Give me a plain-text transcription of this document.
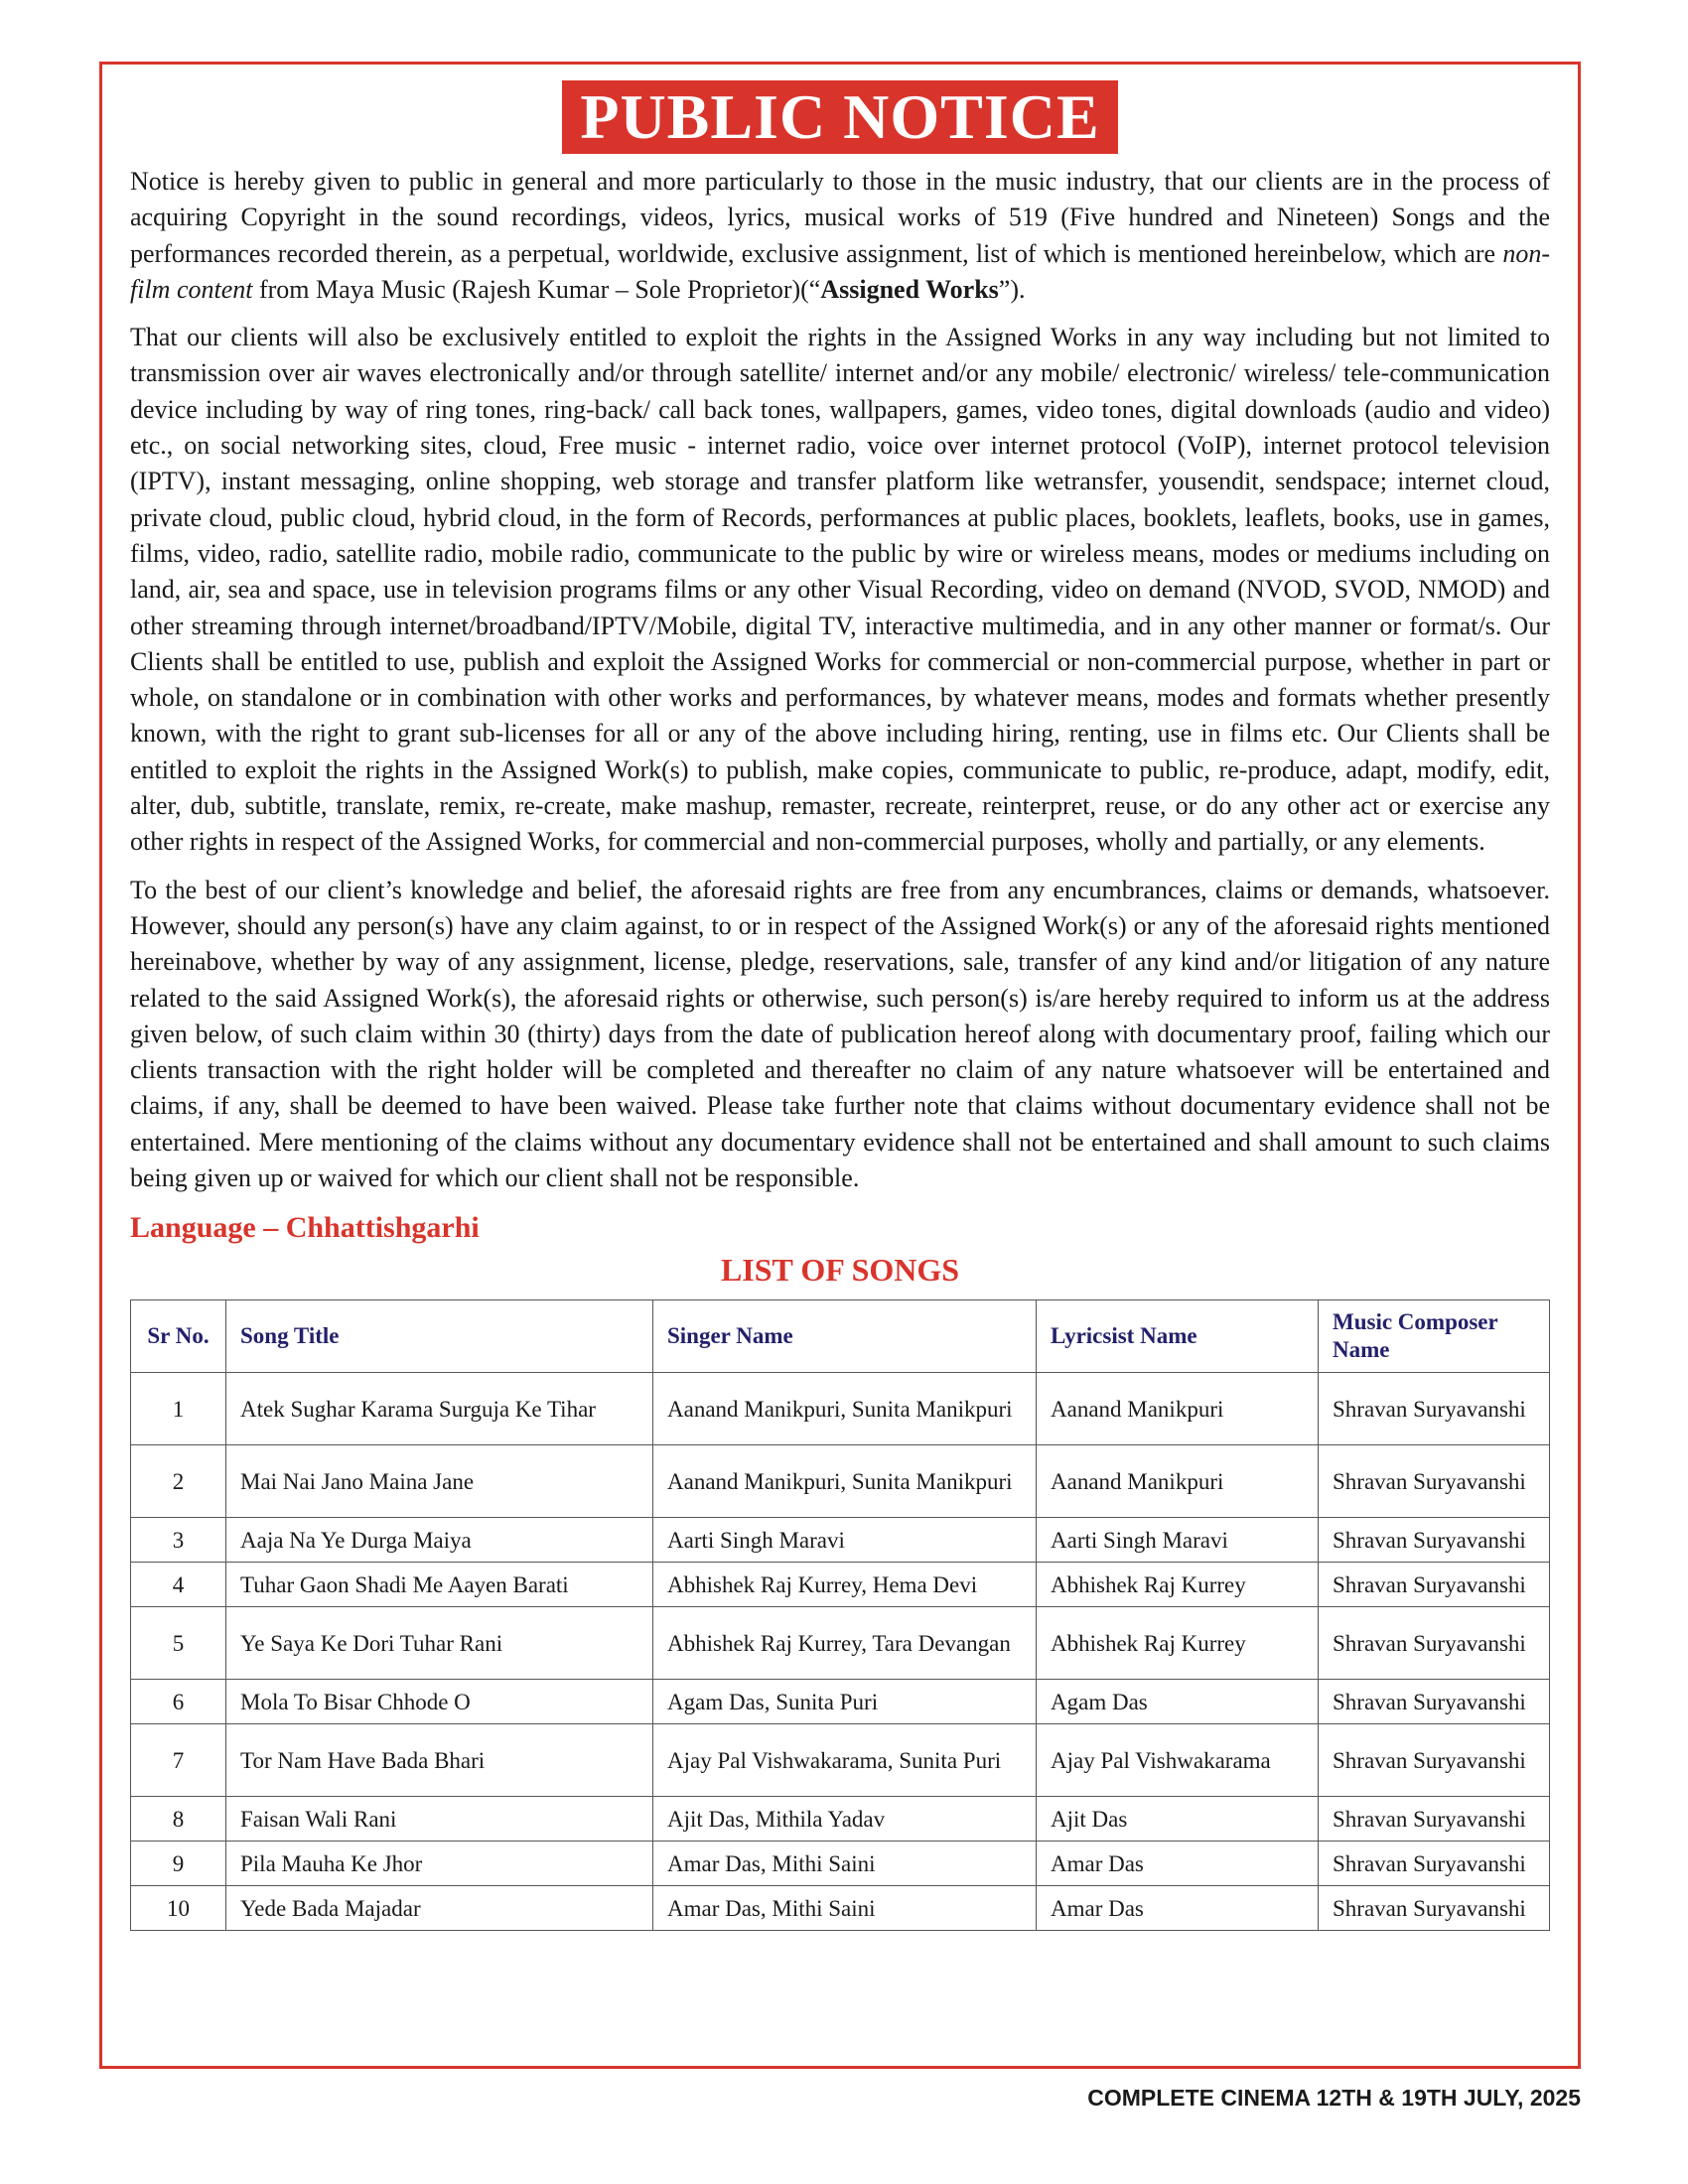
PUBLIC NOTICE

Notice is hereby given to public in general and more particularly to those in the music industry, that our clients are in the process of acquiring Copyright in the sound recordings, videos, lyrics, musical works of 519 (Five hundred and Nineteen) Songs and the performances recorded therein, as a perpetual, worldwide, exclusive assignment, list of which is mentioned hereinbelow, which are non-film content from Maya Music (Rajesh Kumar – Sole Proprietor)(“Assigned Works”).

That our clients will also be exclusively entitled to exploit the rights in the Assigned Works in any way including but not limited to transmission over air waves electronically and/or through satellite/ internet and/or any mobile/ electronic/ wireless/ tele-communication device including by way of ring tones, ring-back/ call back tones, wallpapers, games, video tones, digital downloads (audio and video) etc., on social networking sites, cloud, Free music - internet radio, voice over internet protocol (VoIP), internet protocol television (IPTV), instant messaging, online shopping, web storage and transfer platform like wetransfer, yousendit, sendspace; internet cloud, private cloud, public cloud, hybrid cloud, in the form of Records, performances at public places, booklets, leaflets, books, use in games, films, video, radio, satellite radio, mobile radio, communicate to the public by wire or wireless means, modes or mediums including on land, air, sea and space, use in television programs films or any other Visual Recording, video on demand (NVOD, SVOD, NMOD) and other streaming through internet/broadband/IPTV/Mobile, digital TV, interactive multimedia, and in any other manner or format/s. Our Clients shall be entitled to use, publish and exploit the Assigned Works for commercial or non-commercial purpose, whether in part or whole, on standalone or in combination with other works and performances, by whatever means, modes and formats whether presently known, with the right to grant sub-licenses for all or any of the above including hiring, renting, use in films etc. Our Clients shall be entitled to exploit the rights in the Assigned Work(s) to publish, make copies, communicate to public, re-produce, adapt, modify, edit, alter, dub, subtitle, translate, remix, re-create, make mashup, remaster, recreate, reinterpret, reuse, or do any other act or exercise any other rights in respect of the Assigned Works, for commercial and non-commercial purposes, wholly and partially, or any elements.

To the best of our client’s knowledge and belief, the aforesaid rights are free from any encumbrances, claims or demands, whatsoever. However, should any person(s) have any claim against, to or in respect of the Assigned Work(s) or any of the aforesaid rights mentioned hereinabove, whether by way of any assignment, license, pledge, reservations, sale, transfer of any kind and/or litigation of any nature related to the said Assigned Work(s), the aforesaid rights or otherwise, such person(s) is/are hereby required to inform us at the address given below, of such claim within 30 (thirty) days from the date of publication hereof along with documentary proof, failing which our clients transaction with the right holder will be completed and thereafter no claim of any nature whatsoever will be entertained and claims, if any, shall be deemed to have been waived. Please take further note that claims without documentary evidence shall not be entertained. Mere mentioning of the claims without any documentary evidence shall not be entertained and shall amount to such claims being given up or waived for which our client shall not be responsible.

Language – Chhattishgarhi
LIST OF SONGS
Sr No.	Song Title	Singer Name	Lyricsist Name	Music Composer Name
1	Atek Sughar Karama Surguja Ke Tihar	Aanand Manikpuri, Sunita Manikpuri	Aanand Manikpuri	Shravan Suryavanshi
2	Mai Nai Jano Maina Jane	Aanand Manikpuri, Sunita Manikpuri	Aanand Manikpuri	Shravan Suryavanshi
3	Aaja Na Ye Durga Maiya	Aarti Singh Maravi	Aarti Singh Maravi	Shravan Suryavanshi
4	Tuhar Gaon Shadi Me Aayen Barati	Abhishek Raj Kurrey, Hema Devi	Abhishek Raj Kurrey	Shravan Suryavanshi
5	Ye Saya Ke Dori Tuhar Rani	Abhishek Raj Kurrey, Tara Devangan	Abhishek Raj Kurrey	Shravan Suryavanshi
6	Mola To Bisar Chhode O	Agam Das, Sunita Puri	Agam Das	Shravan Suryavanshi
7	Tor Nam Have Bada Bhari	Ajay Pal Vishwakarama, Sunita Puri	Ajay Pal Vishwakarama	Shravan Suryavanshi
8	Faisan Wali Rani	Ajit Das, Mithila Yadav	Ajit Das	Shravan Suryavanshi
9	Pila Mauha Ke Jhor	Amar Das, Mithi Saini	Amar Das	Shravan Suryavanshi
10	Yede Bada Majadar	Amar Das, Mithi Saini	Amar Das	Shravan Suryavanshi
COMPLETE CINEMA 12TH & 19TH JULY, 2025
